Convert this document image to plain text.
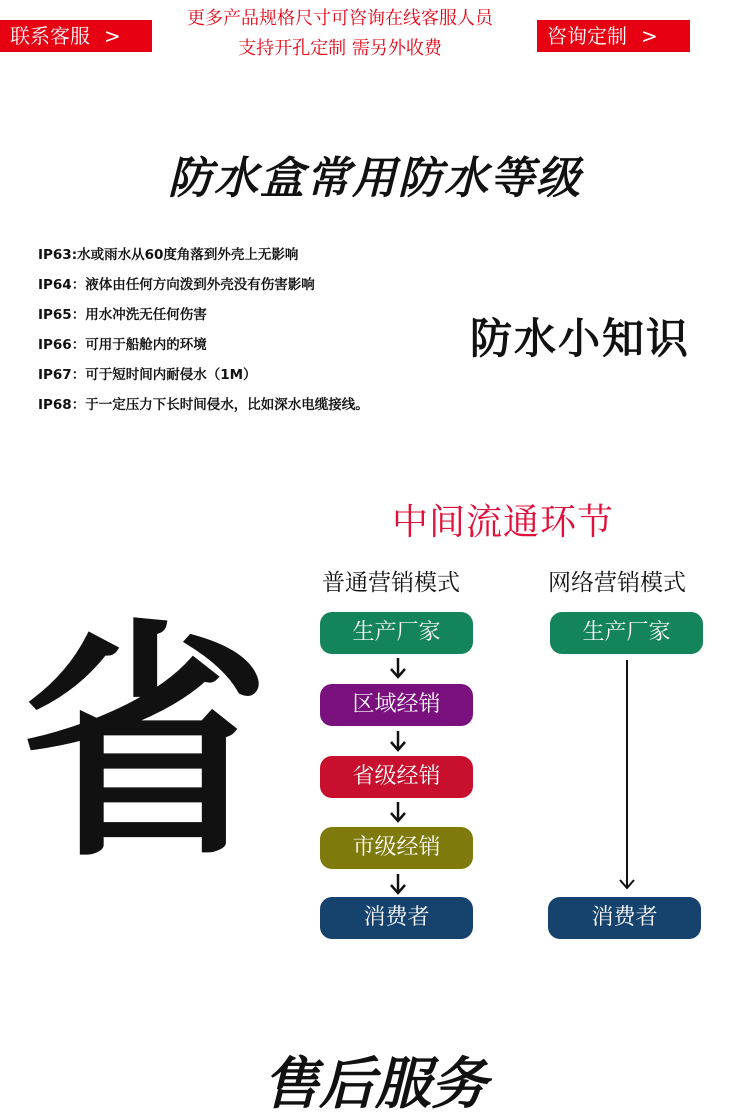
联系客服 >
更多产品规格尺寸可咨询在线客服人员
支持开孔定制 需另外收费
咨询定制 >
防水盒常用防水等级
IP63:水或雨水从60度角落到外壳上无影响
IP64：液体由任何方向泼到外壳没有伤害影响
IP65：用水冲洗无任何伤害
IP66：可用于船舱内的环境
IP67：可于短时间内耐侵水（1M）
IP68：于一定压力下长时间侵水，比如深水电缆接线。
防水小知识
中间流通环节
普通营销模式	网络营销模式
省	生产厂家
区域经销
省级经销
市级经销
消费者
生产厂家
消费者
售后服务
